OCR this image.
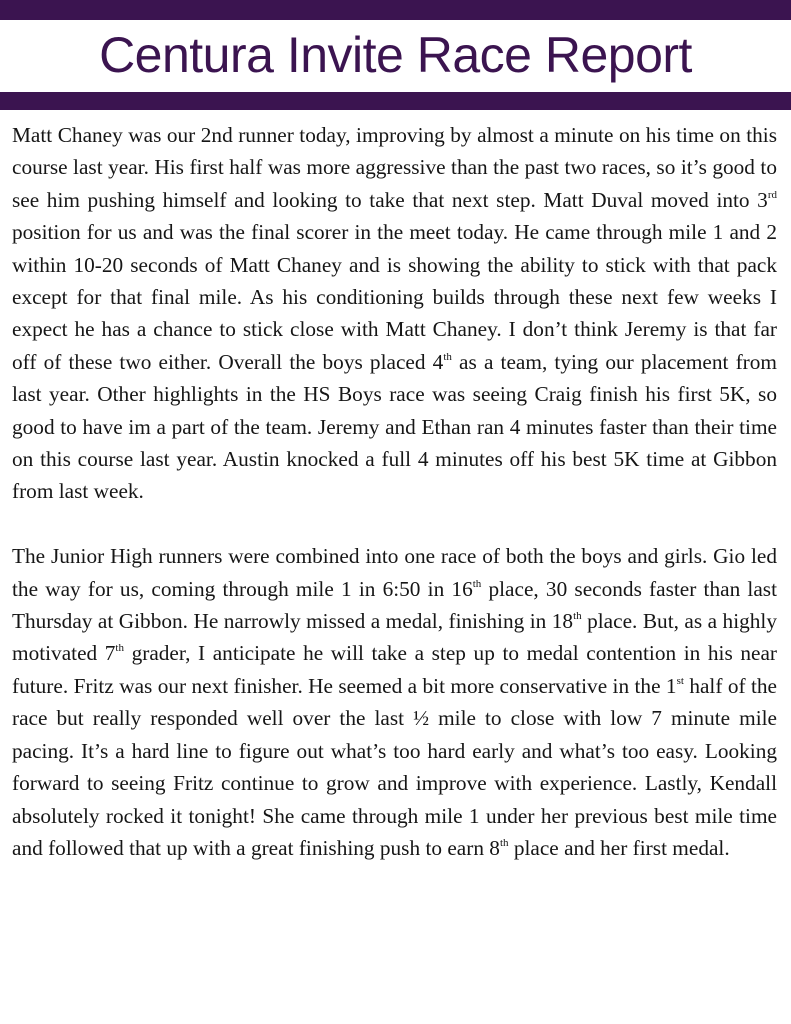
Centura Invite Race Report

Matt Chaney was our 2nd runner today, improving by almost a minute on his time on this course last year. His first half was more aggressive than the past two races, so it’s good to see him pushing himself and looking to take that next step. Matt Duval moved into 3rd position for us and was the final scorer in the meet today. He came through mile 1 and 2 within 10-20 seconds of Matt Chaney and is showing the ability to stick with that pack except for that final mile. As his conditioning builds through these next few weeks I expect he has a chance to stick close with Matt Chaney. I don’t think Jeremy is that far off of these two either. Overall the boys placed 4th as a team, tying our placement from last year. Other highlights in the HS Boys race was seeing Craig finish his first 5K, so good to have im a part of the team. Jeremy and Ethan ran 4 minutes faster than their time on this course last year. Austin knocked a full 4 minutes off his best 5K time at Gibbon from last week.

The Junior High runners were combined into one race of both the boys and girls. Gio led the way for us, coming through mile 1 in 6:50 in 16th place, 30 seconds faster than last Thursday at Gibbon. He narrowly missed a medal, finishing in 18th place. But, as a highly motivated 7th grader, I anticipate he will take a step up to medal contention in his near future. Fritz was our next finisher. He seemed a bit more conservative in the 1st half of the race but really responded well over the last ½ mile to close with low 7 minute mile pacing. It’s a hard line to figure out what’s too hard early and what’s too easy. Looking forward to seeing Fritz continue to grow and improve with experience. Lastly, Kendall absolutely rocked it tonight! She came through mile 1 under her previous best mile time and followed that up with a great finishing push to earn 8th place and her first medal.
